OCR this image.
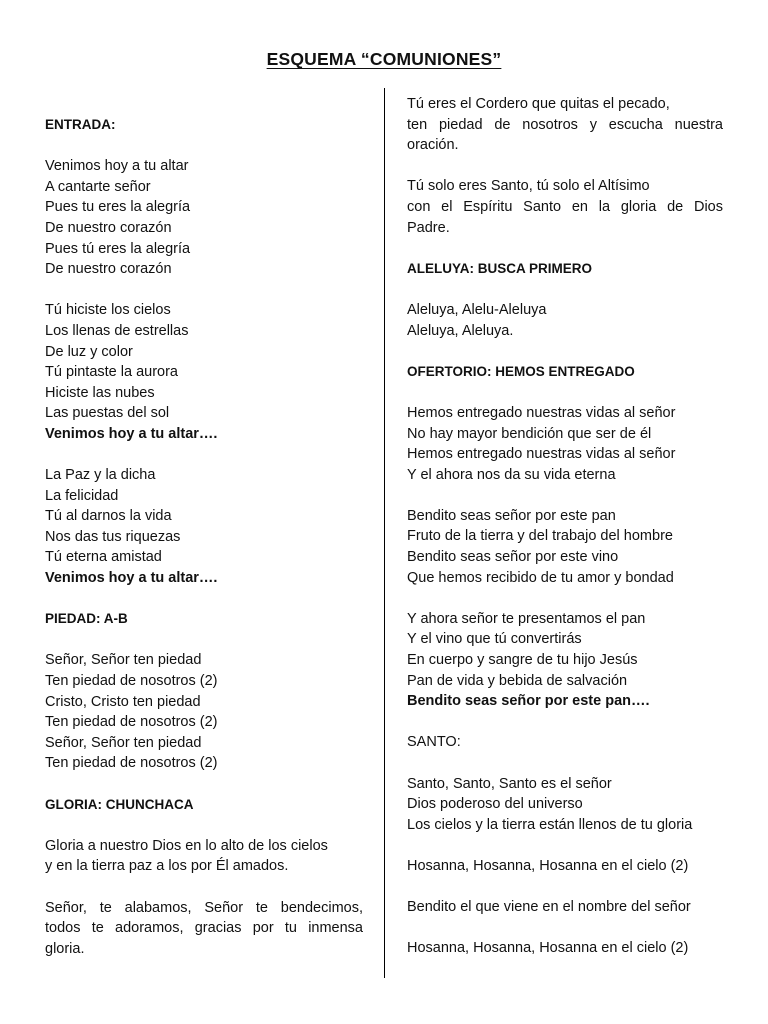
ESQUEMA “COMUNIONES”
ENTRADA:
Venimos hoy a tu altar
A cantarte señor
Pues tu eres la alegría
De nuestro corazón
Pues tú eres la alegría
De nuestro corazón
Tú hiciste los cielos
Los llenas de estrellas
De luz y color
Tú pintaste la aurora
Hiciste las nubes
Las puestas del sol
Venimos hoy a tu altar….
La Paz y la dicha
La felicidad
Tú al darnos la vida
Nos das tus riquezas
Tú eterna amistad
Venimos hoy a tu altar….
PIEDAD: A-B
Señor, Señor ten piedad
Ten piedad de nosotros (2)
Cristo, Cristo ten piedad
Ten piedad de nosotros (2)
Señor, Señor ten piedad
Ten piedad de nosotros (2)
GLORIA: CHUNCHACA
Gloria a nuestro Dios en lo alto de los cielos
y en la tierra paz a los por Él amados.
Señor, te alabamos, Señor te bendecimos,
todos te adoramos, gracias por tu inmensa
gloria.
Tú eres el Cordero que quitas el pecado,
ten piedad de nosotros y escucha nuestra
oración.
Tú solo eres Santo, tú solo el Altísimo
con el Espíritu Santo en la gloria de Dios
Padre.
ALELUYA: BUSCA PRIMERO
Aleluya, Alelu-Aleluya
Aleluya, Aleluya.
OFERTORIO: HEMOS ENTREGADO
Hemos entregado nuestras vidas al señor
No hay mayor bendición que ser de él
Hemos entregado nuestras vidas al señor
Y el ahora nos da su vida eterna
Bendito seas señor por este pan
Fruto de la tierra y del trabajo del hombre
Bendito seas señor por este vino
Que hemos recibido de tu amor y bondad
Y ahora señor te presentamos el pan
Y el vino que tú convertirás
En cuerpo y sangre de tu hijo Jesús
Pan de vida y bebida de salvación
Bendito seas señor por este pan….
SANTO:
Santo, Santo, Santo es el señor
Dios poderoso del universo
Los cielos y la tierra están llenos de tu gloria
Hosanna, Hosanna, Hosanna en el cielo (2)
Bendito el que viene en el nombre del señor
Hosanna, Hosanna, Hosanna en el cielo (2)
